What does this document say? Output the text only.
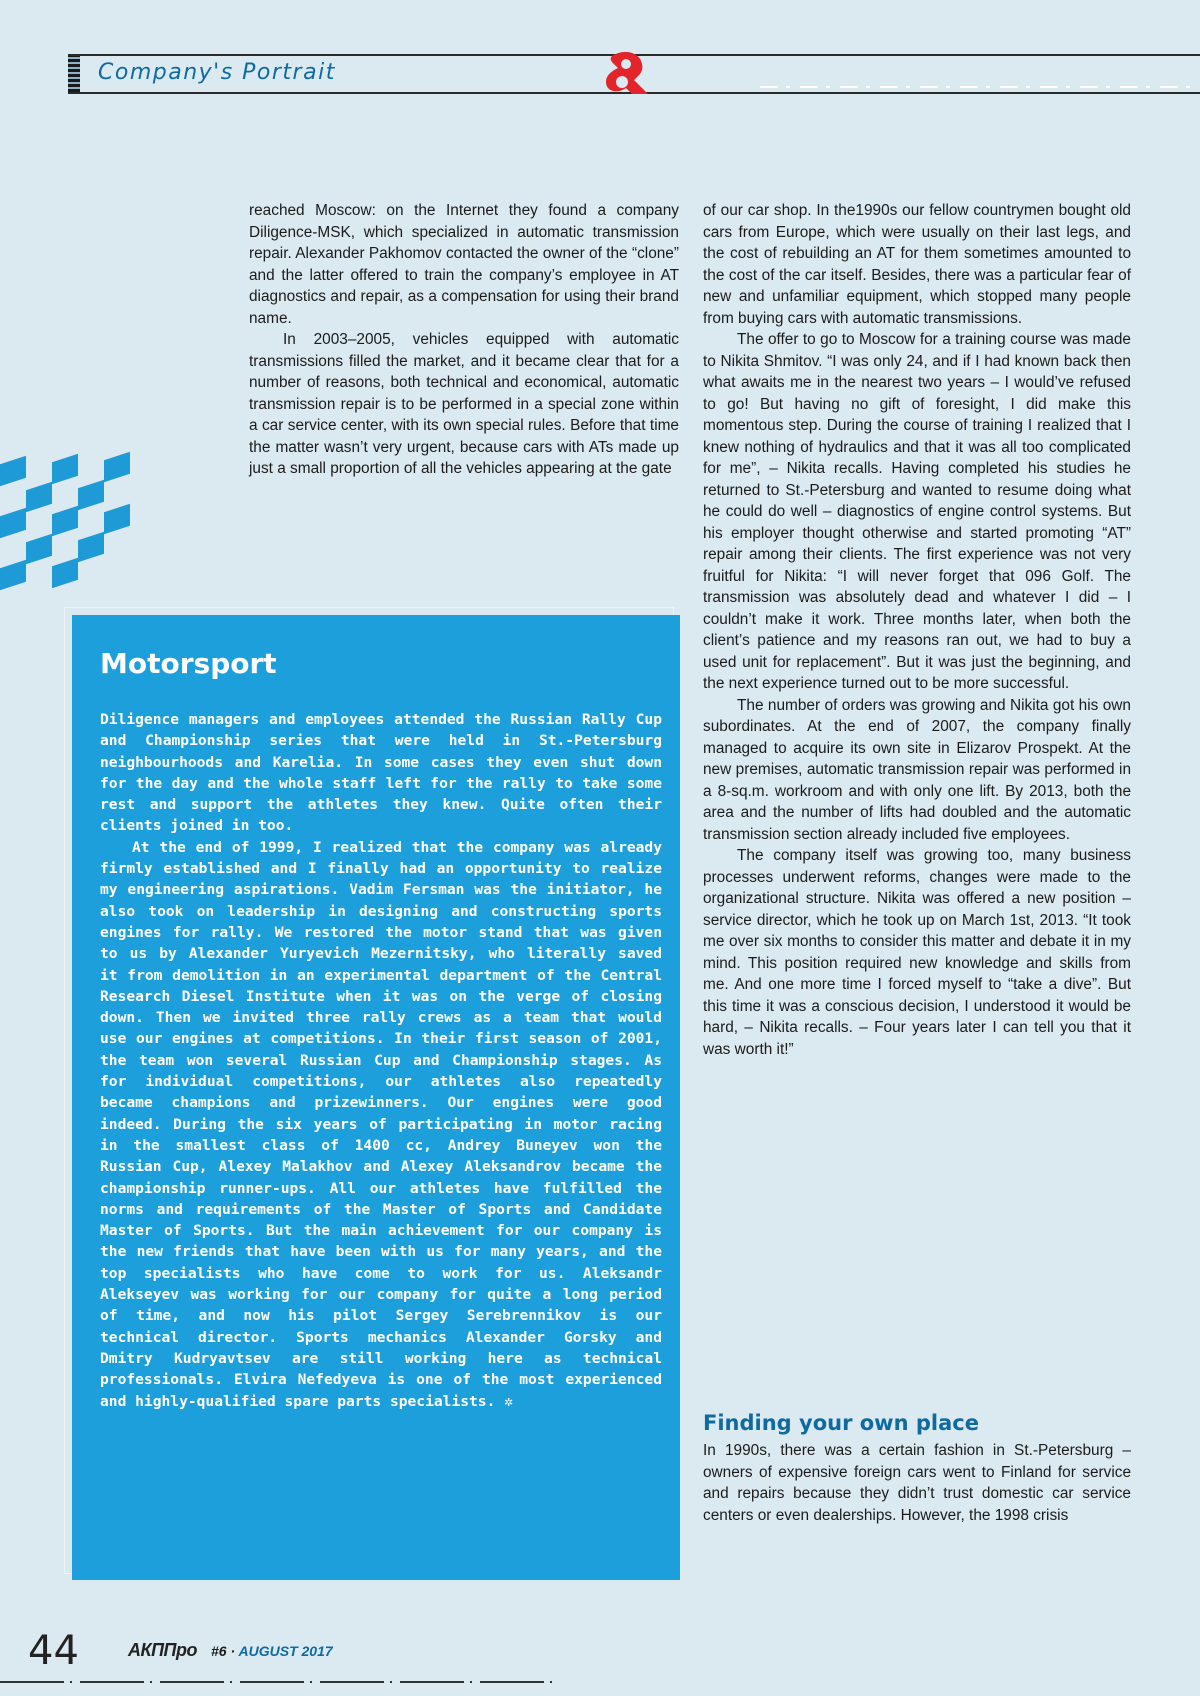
Company's Portrait

reached Moscow: on the Internet they found a company Diligence-MSK, which specialized in automatic transmission repair. Alexander Pakhomov contacted the owner of the “clone” and the latter offered to train the company’s employee in AT diagnostics and repair, as a compensation for using their brand name.

In 2003–2005, vehicles equipped with automatic transmissions filled the market, and it became clear that for a number of reasons, both technical and economical, automatic transmission repair is to be performed in a special zone within a car service center, with its own special rules. Before that time the matter wasn’t very urgent, because cars with ATs made up just a small proportion of all the vehicles appearing at the gate

of our car shop. In the1990s our fellow countrymen bought old cars from Europe, which were usually on their last legs, and the cost of rebuilding an AT for them sometimes amounted to the cost of the car itself. Besides, there was a particular fear of new and unfamiliar equipment, which stopped many people from buying cars with automatic transmissions.

The offer to go to Moscow for a training course was made to Nikita Shmitov. “I was only 24, and if I had known back then what awaits me in the nearest two years – I would’ve refused to go! But having no gift of foresight, I did make this momentous step. During the course of training I realized that I knew nothing of hydraulics and that it was all too complicated for me”, – Nikita recalls. Having completed his studies he returned to St.-Petersburg and wanted to resume doing what he could do well – diagnostics of engine control systems. But his employer thought otherwise and started promoting “AT” repair among their clients. The first experience was not very fruitful for Nikita: “I will never forget that 096 Golf. The transmission was absolutely dead and whatever I did – I couldn’t make it work. Three months later, when both the client’s patience and my reasons ran out, we had to buy a used unit for replacement”. But it was just the beginning, and the next experience turned out to be more successful.

The number of orders was growing and Nikita got his own subordinates. At the end of 2007, the company finally managed to acquire its own site in Elizarov Prospekt. At the new premises, automatic transmission repair was performed in a 8-sq.m. workroom and with only one lift. By 2013, both the area and the number of lifts had doubled and the automatic transmission section already included five employees.

The company itself was growing too, many business processes underwent reforms, changes were made to the organizational structure. Nikita was offered a new position – service director, which he took up on March 1st, 2013. “It took me over six months to consider this matter and debate it in my mind. This position required new knowledge and skills from me. And one more time I forced myself to “take a dive”. But this time it was a conscious decision, I understood it would be hard, – Nikita recalls. – Four years later I can tell you that it was worth it!”

Finding your own place

In 1990s, there was a certain fashion in St.-Petersburg – owners of expensive foreign cars went to Finland for service and repairs because they didn’t trust domestic car service centers or even dealerships. However, the 1998 crisis

Motorsport

Diligence managers and employees attended the Russian Rally Cup and Championship series that were held in St.-Petersburg neighbourhoods and Karelia. In some cases they even shut down for the day and the whole staff left for the rally to take some rest and support the athletes they knew. Quite often their clients joined in too.

At the end of 1999, I realized that the company was already firmly established and I finally had an opportunity to realize my engineering aspirations. Vadim Fersman was the initiator, he also took on leadership in designing and constructing sports engines for rally. We restored the motor stand that was given to us by Alexander Yuryevich Mezernitsky, who literally saved it from demolition in an experimental department of the Central Research Diesel Institute when it was on the verge of closing down. Then we invited three rally crews as a team that would use our engines at competitions. In their first season of 2001, the team won several Russian Cup and Championship stages. As for individual competitions, our athletes also repeatedly became champions and prizewinners. Our engines were good indeed. During the six years of participating in motor racing in the smallest class of 1400 cc, Andrey Buneyev won the Russian Cup, Alexey Malakhov and Alexey Aleksandrov became the championship runner-ups. All our athletes have fulfilled the norms and requirements of the Master of Sports and Candidate Master of Sports. But the main achievement for our company is the new friends that have been with us for many years, and the top specialists who have come to work for us. Aleksandr Alekseyev was working for our company for quite a long period of time, and now his pilot Sergey Serebrennikov is our technical director. Sports mechanics Alexander Gorsky and Dmitry Kudryavtsev are still working here as technical professionals. Elvira Nefedyeva is one of the most experienced and highly-qualified spare parts specialists. ✲

44	АКППро #6 · AUGUST 2017
